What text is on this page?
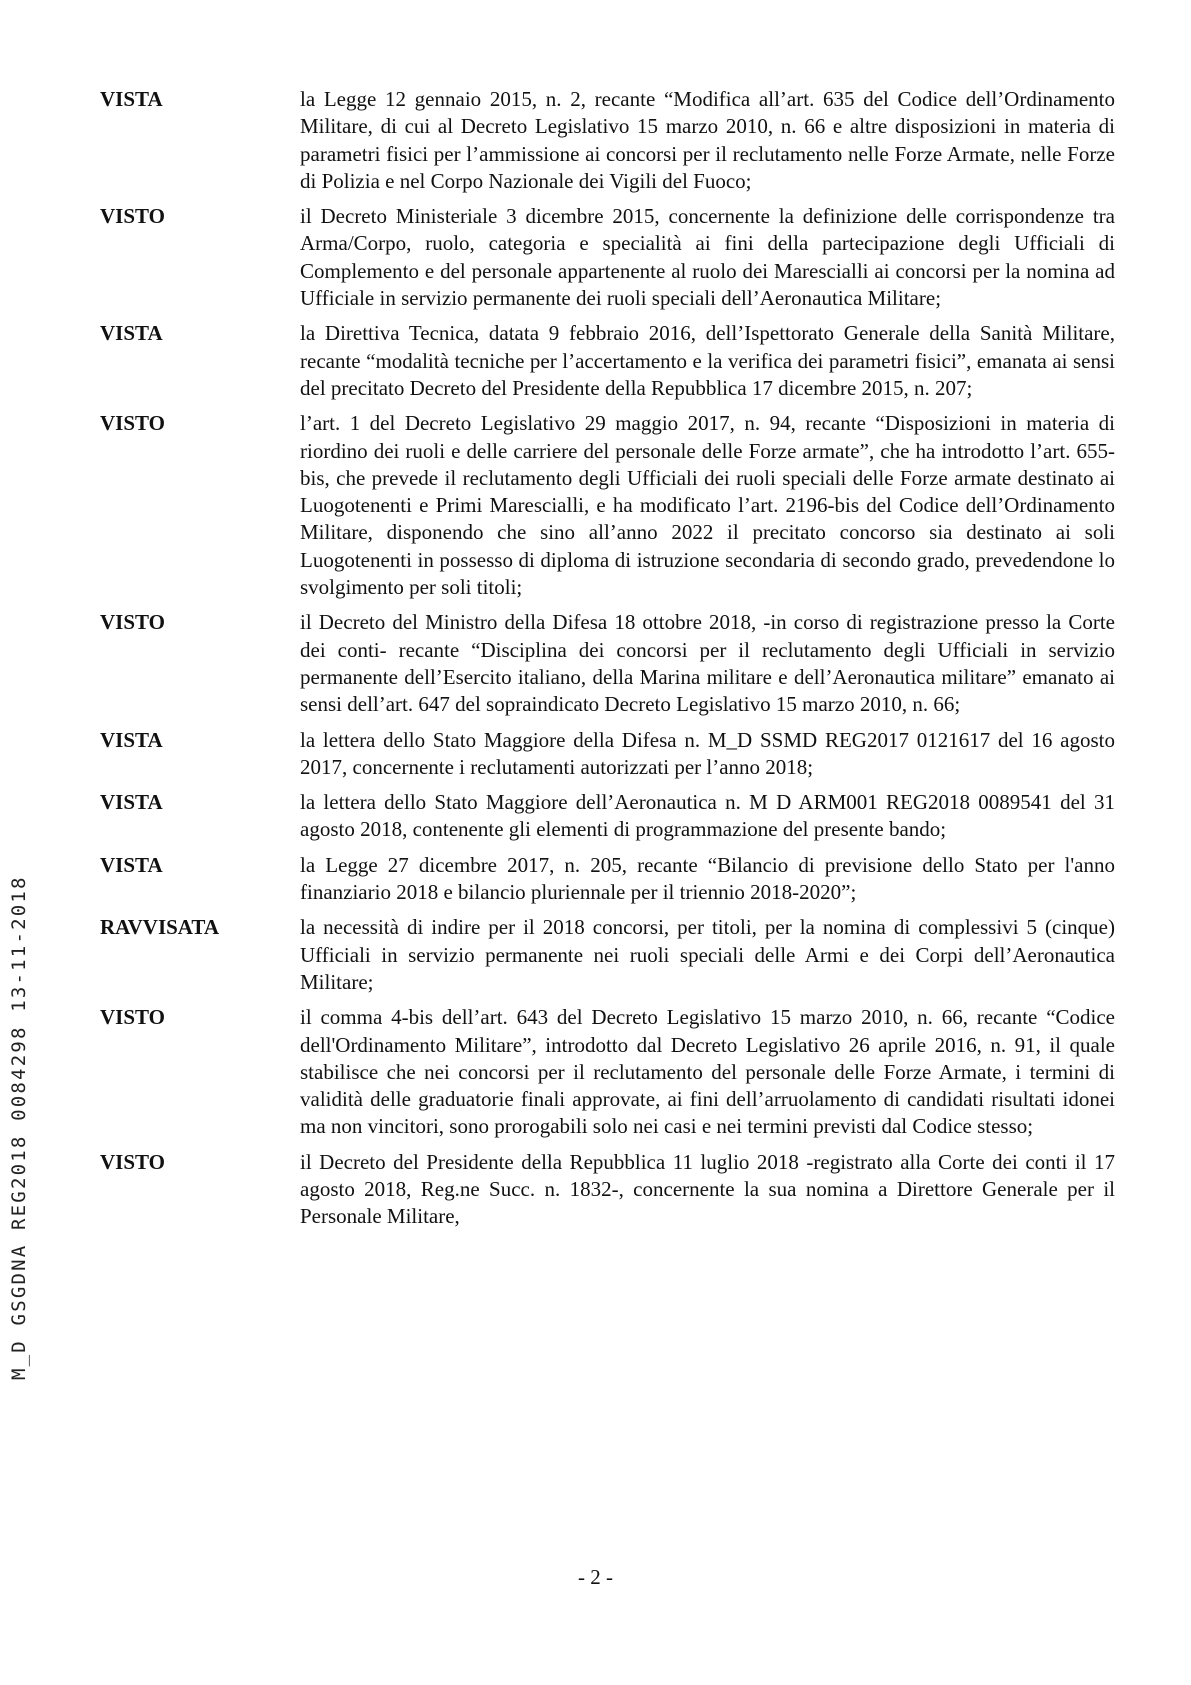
M_D GSGDNA REG2018 0084298 13-11-2018
VISTA	la Legge 12 gennaio 2015, n. 2, recante “Modifica all’art. 635 del Codice dell’Ordinamento Militare, di cui al Decreto Legislativo 15 marzo 2010, n. 66 e altre disposizioni in materia di parametri fisici per l’ammissione ai concorsi per il reclutamento nelle Forze Armate, nelle Forze di Polizia e nel Corpo Nazionale dei Vigili del Fuoco;
VISTO	il Decreto Ministeriale 3 dicembre 2015, concernente la definizione delle corrispondenze tra Arma/Corpo, ruolo, categoria e specialità ai fini della partecipazione degli Ufficiali di Complemento e del personale appartenente al ruolo dei Marescialli ai concorsi per la nomina ad Ufficiale in servizio permanente dei ruoli speciali dell’Aeronautica Militare;
VISTA	la Direttiva Tecnica, datata 9 febbraio 2016, dell’Ispettorato Generale della Sanità Militare, recante “modalità tecniche per l’accertamento e la verifica dei parametri fisici”, emanata ai sensi del precitato Decreto del Presidente della Repubblica 17 dicembre 2015, n. 207;
VISTO	l’art. 1 del Decreto Legislativo 29 maggio 2017, n. 94, recante “Disposizioni in materia di riordino dei ruoli e delle carriere del personale delle Forze armate”, che ha introdotto l’art. 655-bis, che prevede il reclutamento degli Ufficiali dei ruoli speciali delle Forze armate destinato ai Luogotenenti e Primi Marescialli, e ha modificato l’art. 2196-bis del Codice dell’Ordinamento Militare, disponendo che sino all’anno 2022 il precitato concorso sia destinato ai soli Luogotenenti in possesso di diploma di istruzione secondaria di secondo grado, prevedendone lo svolgimento per soli titoli;
VISTO	il Decreto del Ministro della Difesa 18 ottobre 2018, -in corso di registrazione presso la Corte dei conti- recante “Disciplina dei concorsi per il reclutamento degli Ufficiali in servizio permanente dell’Esercito italiano, della Marina militare e dell’Aeronautica militare” emanato ai sensi dell’art. 647 del sopraindicato Decreto Legislativo 15 marzo 2010, n. 66;
VISTA	la lettera dello Stato Maggiore della Difesa n. M_D SSMD REG2017 0121617 del 16 agosto 2017, concernente i reclutamenti autorizzati per l’anno 2018;
VISTA	la lettera dello Stato Maggiore dell’Aeronautica n. M D ARM001 REG2018 0089541 del 31 agosto 2018, contenente gli elementi di programmazione del presente bando;
VISTA	la Legge 27 dicembre 2017, n. 205, recante “Bilancio di previsione dello Stato per l'anno finanziario 2018 e bilancio pluriennale per il triennio 2018-2020”;
RAVVISATA	la necessità di indire per il 2018 concorsi, per titoli, per la nomina di complessivi 5 (cinque) Ufficiali in servizio permanente nei ruoli speciali delle Armi e dei Corpi dell’Aeronautica Militare;
VISTO	il comma 4-bis dell’art. 643 del Decreto Legislativo 15 marzo 2010, n. 66, recante “Codice dell'Ordinamento Militare”, introdotto dal Decreto Legislativo 26 aprile 2016, n. 91, il quale stabilisce che nei concorsi per il reclutamento del personale delle Forze Armate, i termini di validità delle graduatorie finali approvate, ai fini dell’arruolamento di candidati risultati idonei ma non vincitori, sono prorogabili solo nei casi e nei termini previsti dal Codice stesso;
VISTO	il Decreto del Presidente della Repubblica 11 luglio 2018 -registrato alla Corte dei conti il 17 agosto 2018, Reg.ne Succ. n. 1832-, concernente la sua nomina a Direttore Generale per il Personale Militare,
- 2 -
